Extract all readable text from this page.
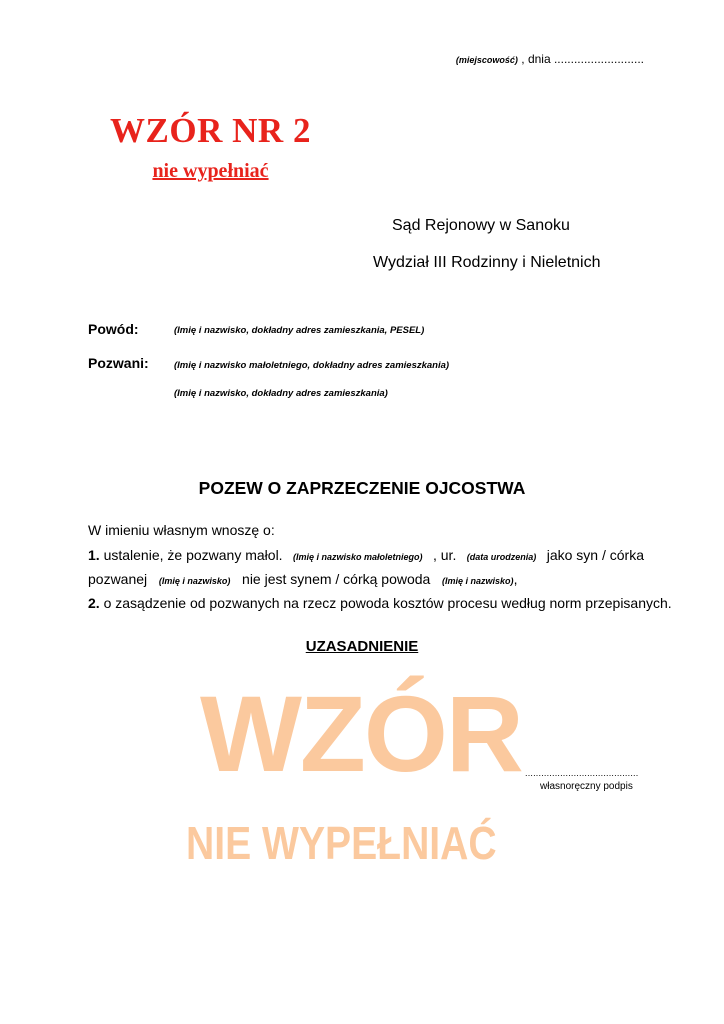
(miejscowość) , dnia ...........................
WZÓR NR 2
nie wypełniać
Sąd Rejonowy w Sanoku
Wydział III Rodzinny i Nieletnich
Powód:	(Imię i nazwisko, dokładny adres zamieszkania, PESEL)
Pozwani:	(Imię i nazwisko małoletniego, dokładny adres zamieszkania)
(Imię i nazwisko, dokładny adres zamieszkania)
POZEW O ZAPRZECZENIE OJCOSTWA
W imieniu własnym wnoszę o:
1. ustalenie, że pozwany małol. (Imię i nazwisko małoletniego) , ur. (data urodzenia) jako syn / córka
pozwanej (Imię i nazwisko) nie jest synem / córką powoda (Imię i nazwisko),
2. o zasądzenie od pozwanych na rzecz powoda kosztów procesu według norm przepisanych.
UZASADNIENIE
WZÓR
NIE WYPEŁNIAĆ
..........................................
własnoręczny podpis
